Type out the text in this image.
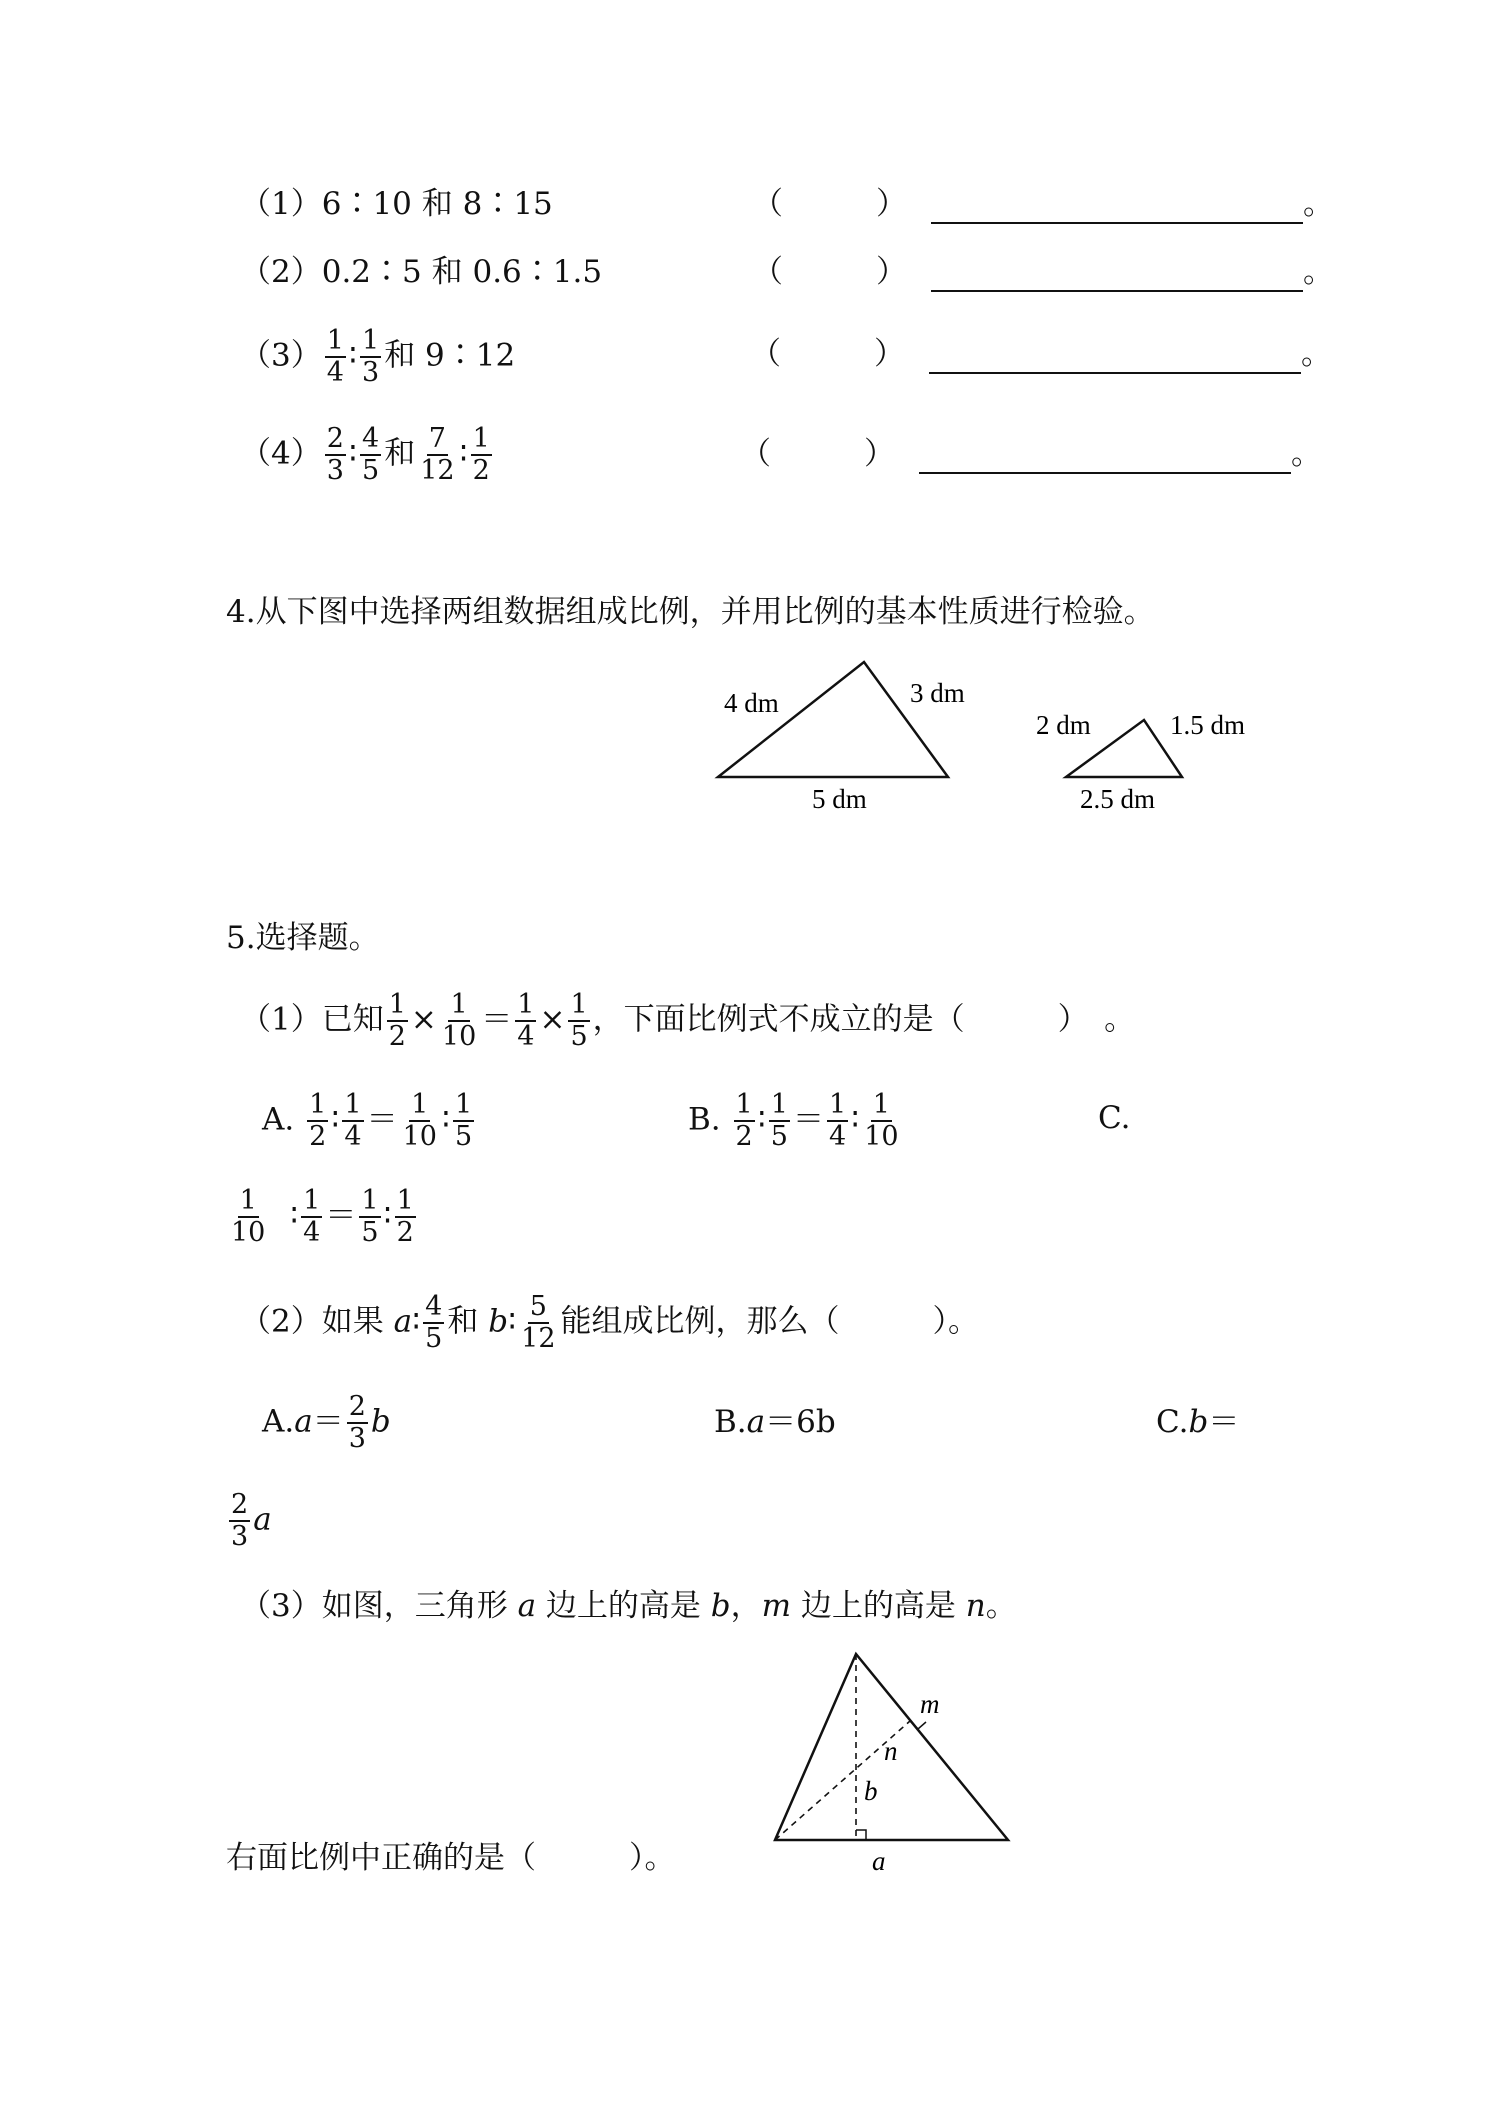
（1）6∶10 和 8∶15	（　　　）	。
（2）0.2∶5 和 0.6∶1.5	（　　　）	。
$(3) \frac{1}{4}$ ∶ $\frac{1}{3}$ 和 9∶12	（　　　）	。
$(4) \frac{2}{3}$ ∶ $\frac{4}{5}$ 和 $\frac{7}{12}$ ∶ $\frac{1}{2}$	（　　　）	。
4.从下图中选择两组数据组成比例，并用比例的基本性质进行检验。
4 dm	3 dm
5 dm
2 dm	1.5 dm
2.5 dm
5.选择题。
（1）已知 $\frac{1}{2} \times \frac{1}{10} = \frac{1}{4} \times \frac{1}{5}$ ，下面比例式不成立的是（　　　）　。
A. $\frac{1}{2}$ ∶ $\frac{1}{4} = \frac{1}{10}$ ∶ $\frac{1}{5}$	B. $\frac{1}{2}$ ∶ $\frac{1}{5} = \frac{1}{4}$ ∶ $\frac{1}{10}$	C.
$\frac{1}{10}$ ∶ $\frac{1}{4} = \frac{1}{5}$ ∶ $\frac{1}{2}$
（2）如果 a∶ $\frac{4}{5}$ 和 b∶ $\frac{5}{12}$ 能组成比例，那么（　　　）。
$A.a= \frac{2}{3}$ b	B.a＝6b	C.b＝
$\frac{2}{3}$ a
（3）如图，三角形 a 边上的高是 b，m 边上的高是 n。
m
n
b
a
右面比例中正确的是（　　　）。
